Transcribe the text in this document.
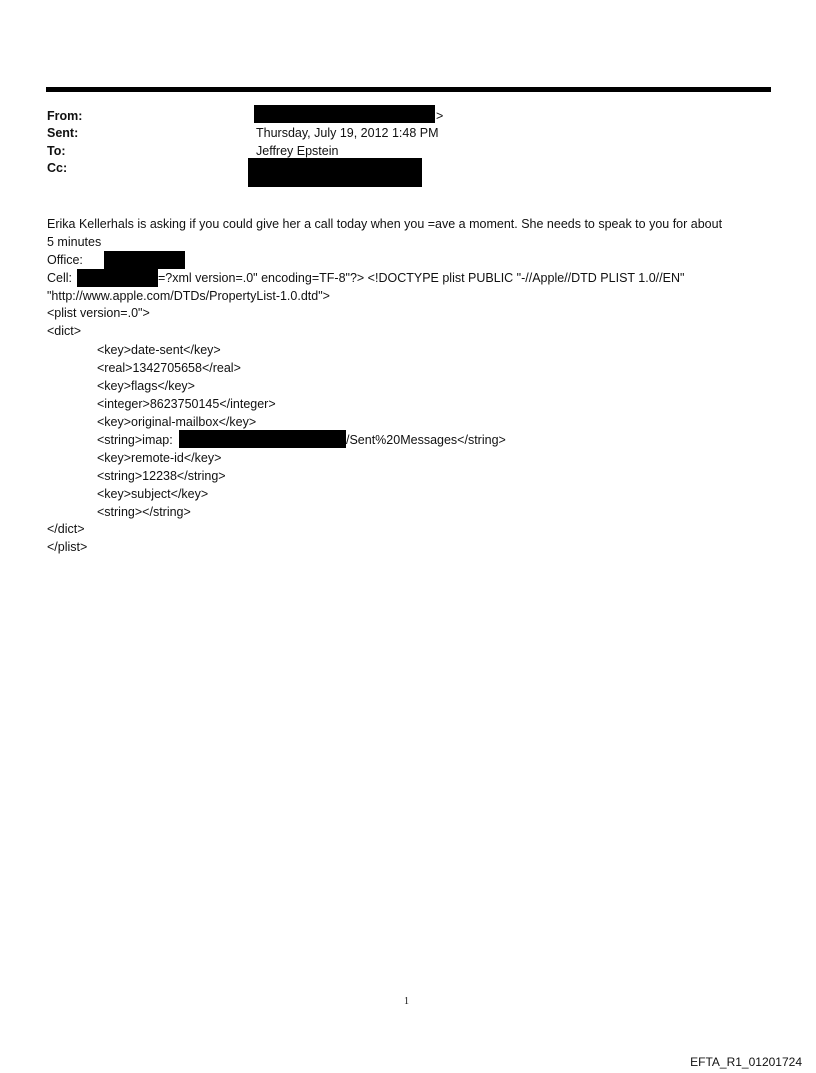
From:
Sent:
To:
Cc:
>
Thursday, July 19, 2012 1:48 PM
Jeffrey Epstein
Erika Kellerhals is asking if you could give her a call today when you =ave a moment. She needs to speak to you for about
5 minutes
Office:
Cell:	=?xml version=.0" encoding=TF-8"?> <!DOCTYPE plist PUBLIC "-//Apple//DTD PLIST 1.0//EN"
"http://www.apple.com/DTDs/PropertyList-1.0.dtd">
<plist version=.0">
<dict>
<key>date-sent</key>
<real>1342705658</real>
<key>flags</key>
<integer>8623750145</integer>
<key>original-mailbox</key>
<string>imap:	/Sent%20Messages</string>
<key>remote-id</key>
<string>12238</string>
<key>subject</key>
<string></string>
</dict>
</plist>
1
EFTA_R1_01201724
